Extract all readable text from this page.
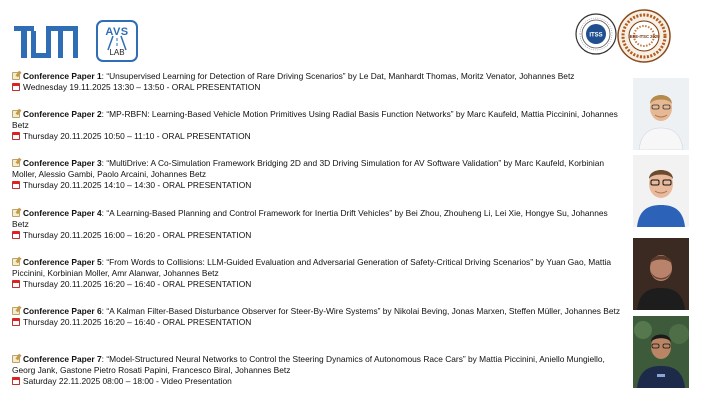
AVS
LAB
ITSS	IEEE-ITSC 2025
Conference Paper 1: “Unsupervised Learning for Detection of Rare Driving Scenarios” by Le Dat, Manhardt Thomas, Moritz Venator, Johannes Betz
Wednesday 19.11.2025 13:30 – 13:50 - ORAL PRESENTATION
Conference Paper 2: “MP-RBFN: Learning-Based Vehicle Motion Primitives Using Radial Basis Function Networks” by Marc Kaufeld, Mattia Piccinini, Johannes Betz
Thursday 20.11.2025 10:50 – 11:10 - ORAL PRESENTATION
Conference Paper 3: “MultiDrive: A Co-Simulation Framework Bridging 2D and 3D Driving Simulation for AV Software Validation” by Marc Kaufeld, Korbinian Moller, Alessio Gambi, Paolo Arcaini, Johannes Betz
Thursday 20.11.2025 14:10 – 14:30 - ORAL PRESENTATION
Conference Paper 4: “A Learning-Based Planning and Control Framework for Inertia Drift Vehicles” by Bei Zhou, Zhouheng Li, Lei Xie, Hongye Su, Johannes Betz
Thursday 20.11.2025 16:00 – 16:20 - ORAL PRESENTATION
Conference Paper 5: “From Words to Collisions: LLM-Guided Evaluation and Adversarial Generation of Safety-Critical Driving Scenarios” by Yuan Gao, Mattia Piccinini, Korbinian Moller, Amr Alanwar, Johannes Betz
Thursday 20.11.2025 16:20 – 16:40 - ORAL PRESENTATION
Conference Paper 6: “A Kalman Filter-Based Disturbance Observer for Steer-By-Wire Systems” by Nikolai Beving, Jonas Marxen, Steffen Müller, Johannes Betz
Thursday 20.11.2025 16:20 – 16:40 - ORAL PRESENTATION
Conference Paper 7: “Model-Structured Neural Networks to Control the Steering Dynamics of Autonomous Race Cars” by Mattia Piccinini, Aniello Mungiello, Georg Jank, Gastone Pietro Rosati Papini, Francesco Biral, Johannes Betz
Saturday 22.11.2025 08:00 – 18:00 - Video Presentation
